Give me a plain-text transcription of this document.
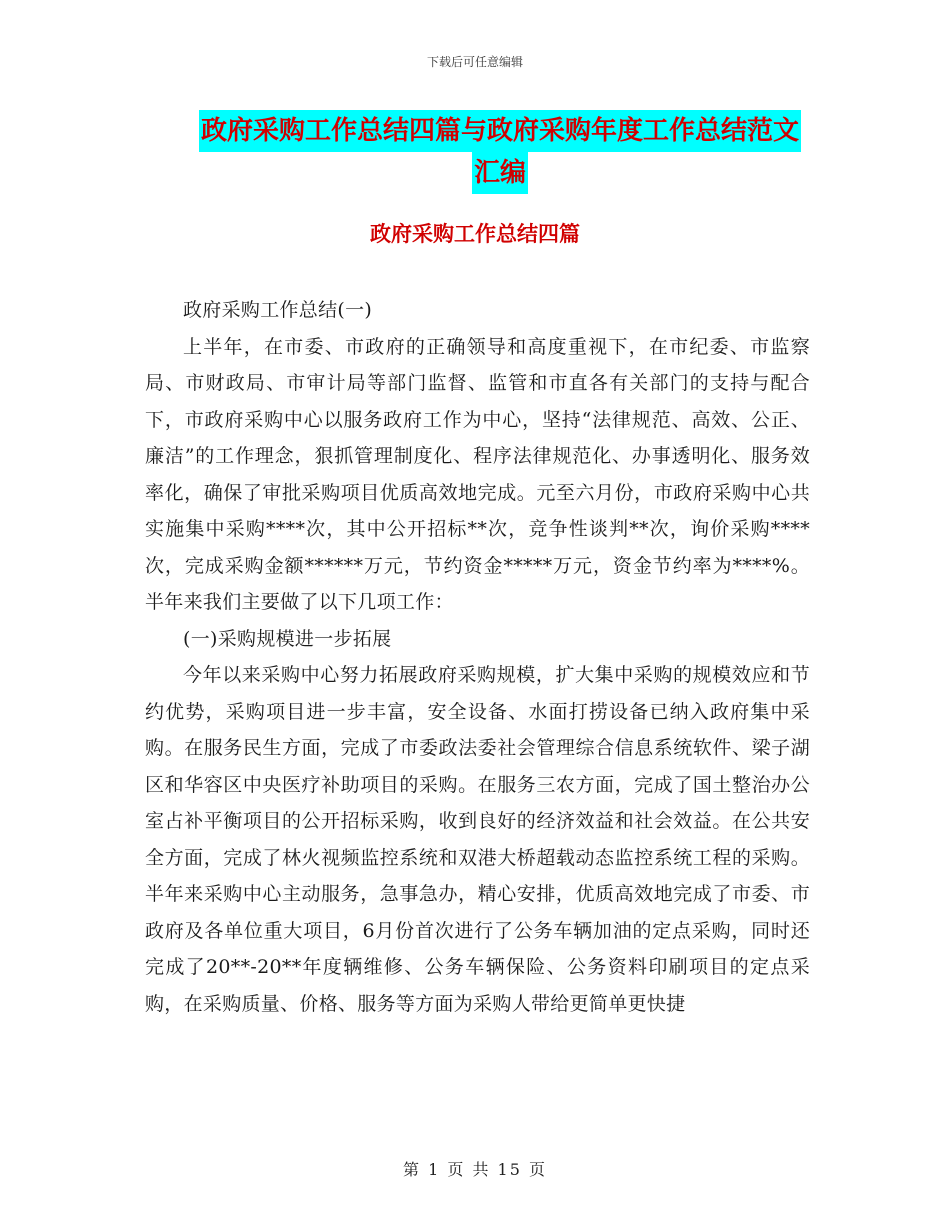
下载后可任意编辑
政府采购工作总结四篇与政府采购年度工作总结范文
汇编
政府采购工作总结四篇

政府采购工作总结(一)

上半年，在市委、市政府的正确领导和高度重视下，在市纪委、市监察局、市财政局、市审计局等部门监督、监管和市直各有关部门的支持与配合下，市政府采购中心以服务政府工作为中心，坚持“法律规范、高效、公正、廉洁”的工作理念，狠抓管理制度化、程序法律规范化、办事透明化、服务效率化，确保了审批采购项目优质高效地完成。元至六月份，市政府采购中心共实施集中采购****次，其中公开招标**次，竞争性谈判**次，询价采购****次，完成采购金额******万元，节约资金*****万元，资金节约率为****%。半年来我们主要做了以下几项工作：

(一)采购规模进一步拓展

今年以来采购中心努力拓展政府采购规模，扩大集中采购的规模效应和节约优势，采购项目进一步丰富，安全设备、水面打捞设备已纳入政府集中采购。在服务民生方面，完成了市委政法委社会管理综合信息系统软件、梁子湖区和华容区中央医疗补助项目的采购。在服务三农方面，完成了国土整治办公室占补平衡项目的公开招标采购，收到良好的经济效益和社会效益。在公共安全方面，完成了林火视频监控系统和双港大桥超载动态监控系统工程的采购。半年来采购中心主动服务，急事急办，精心安排，优质高效地完成了市委、市政府及各单位重大项目，6月份首次进行了公务车辆加油的定点采购，同时还完成了20**-20**年度辆维修、公务车辆保险、公务资料印刷项目的定点采购，在采购质量、价格、服务等方面为采购人带给更简单更快捷

第 1 页 共 15 页
